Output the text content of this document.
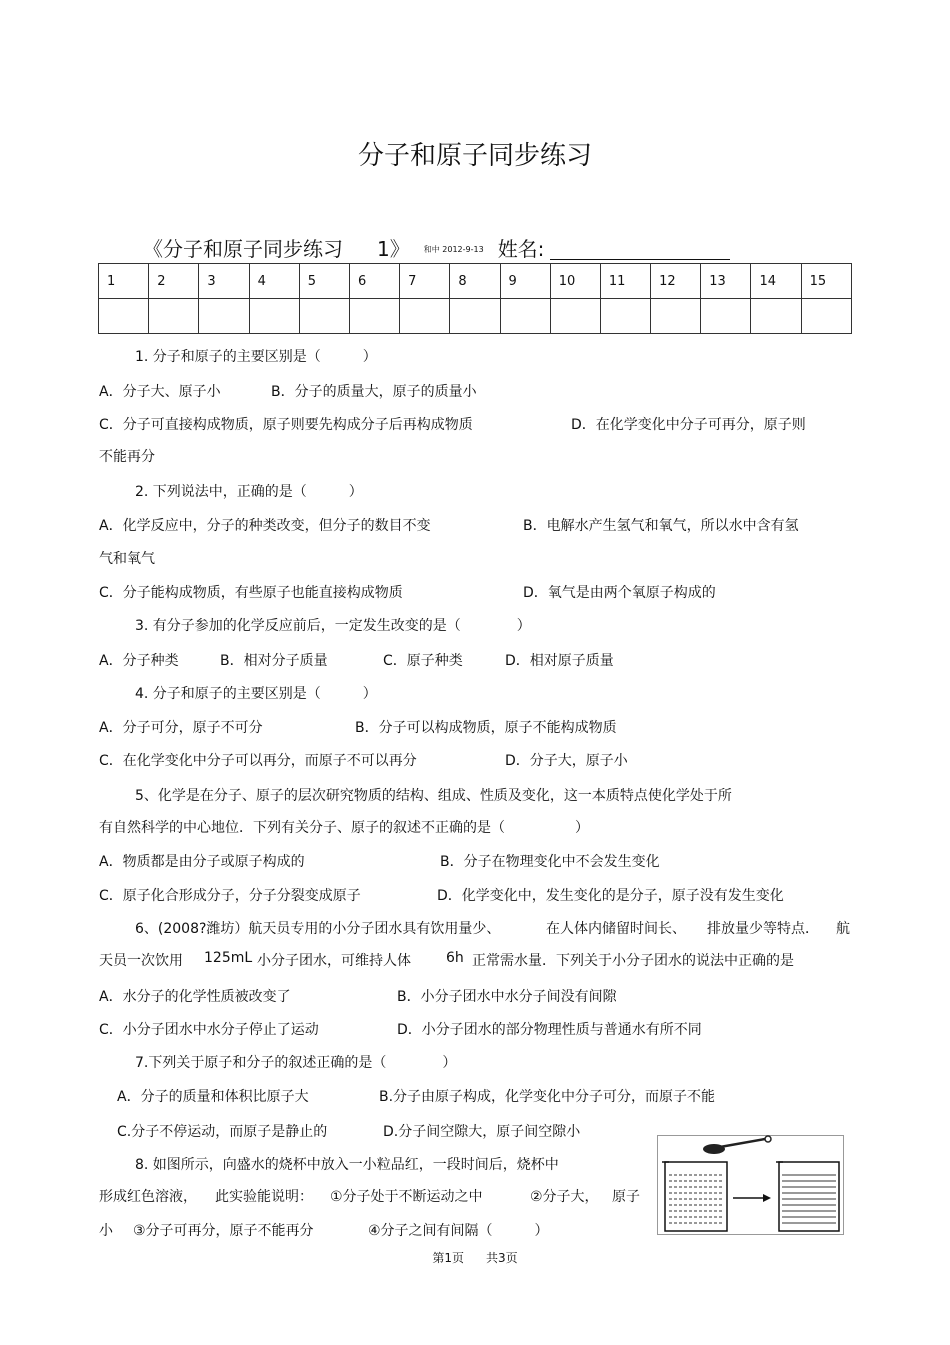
分子和原子同步练习
《分子和原子同步练习 1》 $^{和中 2012-9-13}$ 姓名:
1	2	3	4	5	6	7	8	9	10	11	12	13	14	15

1. 分子和原子的主要区别是（　　　）
A．分子大、原子小	B．分子的质量大，原子的质量小
C．分子可直接构成物质，原子则要先构成分子后再构成物质	D．在化学变化中分子可再分，原子则
不能再分
2. 下列说法中，正确的是（　　　）
A．化学反应中，分子的种类改变，但分子的数目不变	B．电解水产生氢气和氧气，所以水中含有氢
气和氧气
C．分子能构成物质，有些原子也能直接构成物质	D．氧气是由两个氧原子构成的
3. 有分子参加的化学反应前后，一定发生改变的是（　　　　）
A．分子种类	B．相对分子质量	C．原子种类	D．相对原子质量
4. 分子和原子的主要区别是（　　　）
A．分子可分，原子不可分	B．分子可以构成物质，原子不能构成物质
C．在化学变化中分子可以再分，而原子不可以再分	D．分子大，原子小
5、化学是在分子、原子的层次研究物质的结构、组成、性质及变化，这一本质特点使化学处于所
有自然科学的中心地位．下列有关分子、原子的叙述不正确的是（　　　　　）
A．物质都是由分子或原子构成的	B．分子在物理变化中不会发生变化
C．原子化合形成分子，分子分裂变成原子	D．化学变化中，发生变化的是分子，原子没有发生变化
6、(2008?潍坊）航天员专用的小分子团水具有饮用量少、	在人体内储留时间长、 排放量少等特点． 航
天员一次饮用 125mL 小分子团水，可维持人体	6h 正常需水量．下列关于小分子团水的说法中正确的是
A．水分子的化学性质被改变了	B．小分子团水中水分子间没有间隙
C．小分子团水中水分子停止了运动	D．小分子团水的部分物理性质与普通水有所不同
7.下列关于原子和分子的叙述正确的是（　　　　）
A．分子的质量和体积比原子大	B.分子由原子构成，化学变化中分子可分，而原子不能
C.分子不停运动，而原子是静止的	D.分子间空隙大，原子间空隙小
8. 如图所示，向盛水的烧杯中放入一小粒品红，一段时间后，烧杯中
形成红色溶液， 此实验能说明： ①分子处于不断运动之中	②分子大， 原子
小 ③分子可再分，原子不能再分	④分子之间有间隔（　　　）
第1页 共3页
